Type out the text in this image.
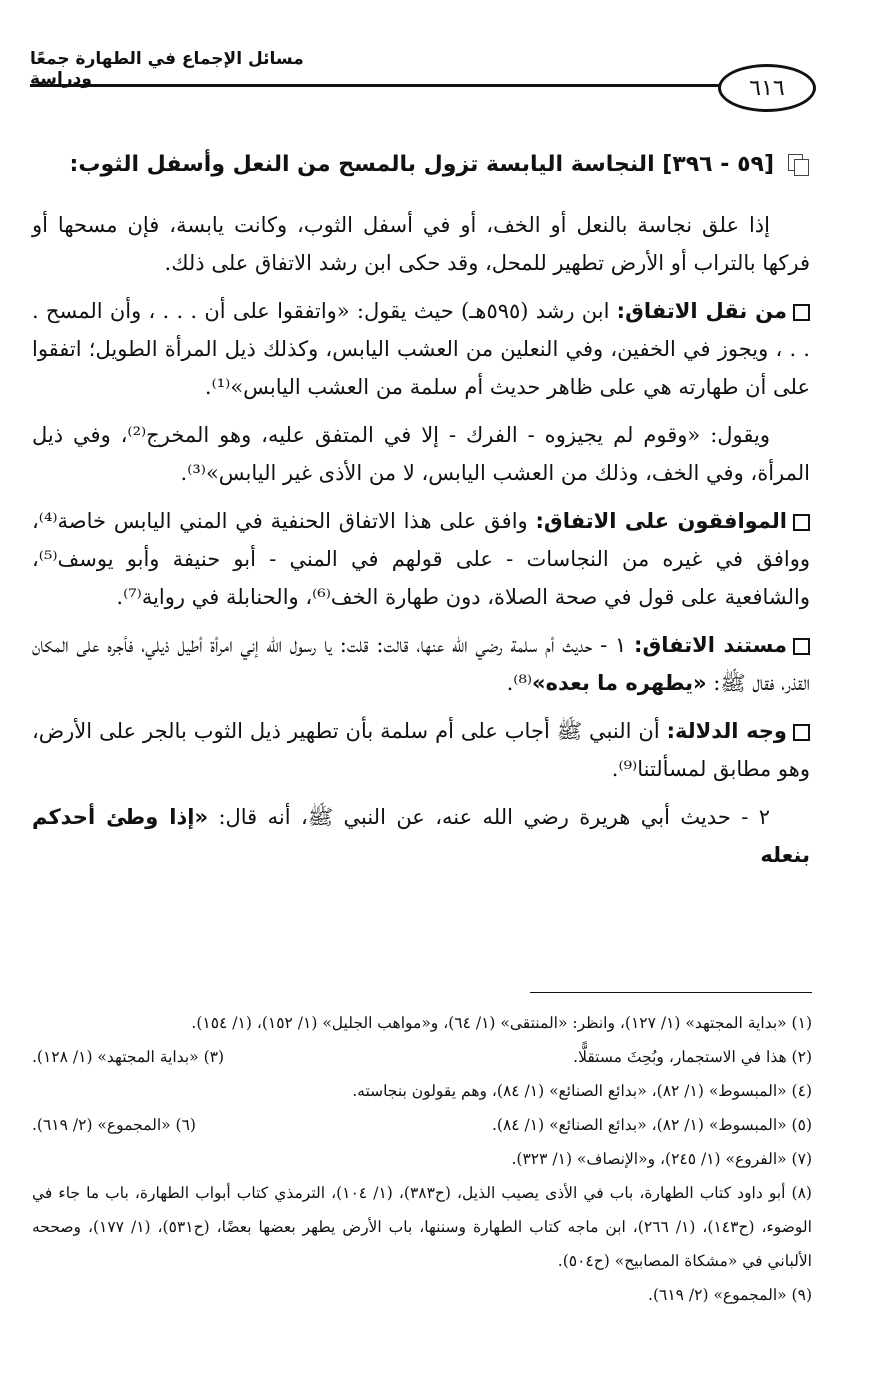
مسائل الإجماع في الطهارة جمعًا ودراسة	٦١٦
[٥٩ - ٣٩٦] النجاسة اليابسة تزول بالمسح من النعل وأسفل الثوب:

إذا علق نجاسة بالنعل أو الخف، أو في أسفل الثوب، وكانت يابسة، فإن مسحها أو فركها بالتراب أو الأرض تطهير للمحل، وقد حكى ابن رشد الاتفاق على ذلك.

من نقل الاتفاق: ابن رشد (٥٩٥هـ) حيث يقول: «واتفقوا على أن . . . ، وأن المسح . . . ، ويجوز في الخفين، وفي النعلين من العشب اليابس، وكذلك ذيل المرأة الطويل؛ اتفقوا على أن طهارته هي على ظاهر حديث أم سلمة من العشب اليابس»⁽¹⁾.

ويقول: «وقوم لم يجيزوه - الفرك - إلا في المتفق عليه، وهو المخرج⁽²⁾، وفي ذيل المرأة، وفي الخف، وذلك من العشب اليابس، لا من الأذى غير اليابس»⁽³⁾.

الموافقون على الاتفاق: وافق على هذا الاتفاق الحنفية في المني اليابس خاصة⁽⁴⁾، ووافق في غيره من النجاسات - على قولهم في المني - أبو حنيفة وأبو يوسف⁽⁵⁾، والشافعية على قول في صحة الصلاة، دون طهارة الخف⁽⁶⁾، والحنابلة في رواية⁽⁷⁾.

مستند الاتفاق: ١ - حديث أم سلمة رضي الله عنها، قالت: قلت: يا رسول الله إني امرأة أطيل ذيلي، فأجره على المكان القذر، فقال ﷺ: «يطهره ما بعده»⁽⁸⁾.

وجه الدلالة: أن النبي ﷺ أجاب على أم سلمة بأن تطهير ذيل الثوب بالجر على الأرض، وهو مطابق لمسألتنا⁽⁹⁾.

٢ - حديث أبي هريرة رضي الله عنه، عن النبي ﷺ، أنه قال: «إذا وطئ أحدكم بنعله

(١) «بداية المجتهد» (١/ ١٢٧)، وانظر: «المنتقى» (١/ ٦٤)، و«مواهب الجليل» (١/ ١٥٢)، (١/ ١٥٤).
(٢) هذا في الاستجمار، وبُحِثَ مستقلًّا.
(٣) «بداية المجتهد» (١/ ١٢٨).
(٤) «المبسوط» (١/ ٨٢)، «بدائع الصنائع» (١/ ٨٤)، وهم يقولون بنجاسته.
(٥) «المبسوط» (١/ ٨٢)، «بدائع الصنائع» (١/ ٨٤).
(٦) «المجموع» (٢/ ٦١٩).
(٧) «الفروع» (١/ ٢٤٥)، و«الإنصاف» (١/ ٣٢٣).
(٨) أبو داود كتاب الطهارة، باب في الأذى يصيب الذيل، (ح٣٨٣)، (١/ ١٠٤)، الترمذي كتاب أبواب الطهارة، باب ما جاء في الوضوء، (ح١٤٣)، (١/ ٢٦٦)، ابن ماجه كتاب الطهارة وسننها، باب الأرض يطهر بعضها بعضًا، (ح٥٣١)، (١/ ١٧٧)، وصححه الألباني في «مشكاة المصابيح» (ح٥٠٤).
(٩) «المجموع» (٢/ ٦١٩).
